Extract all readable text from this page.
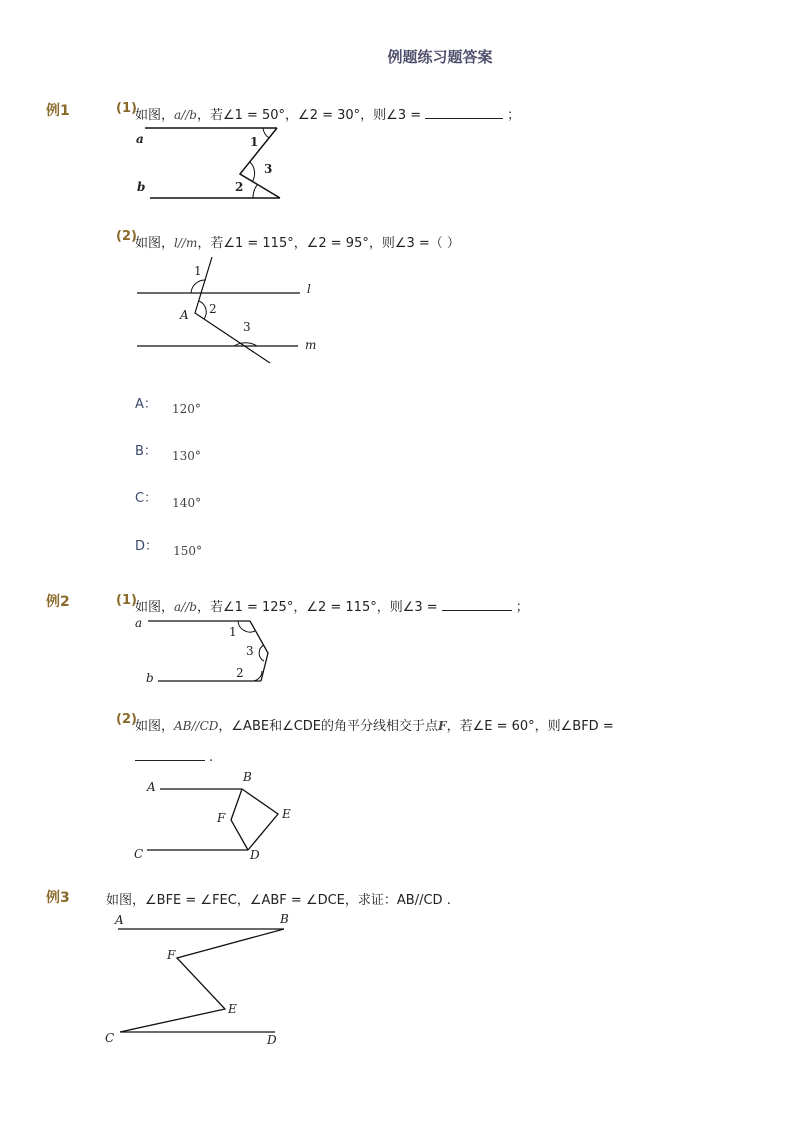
例题练习题答案
例1	(1)
如图，a//b，若∠1 = 50°，∠2 = 30°，则∠3 =	；
a
b
1
3
2
(2)
如图，l//m，若∠1 = 115°，∠2 = 95°，则∠3 =（ ）
l
m
A
1
2
3
A： $_{120^\circ}$
B： $_{130^\circ}$
C： $_{140^\circ}$
D： $_{150^\circ}$
例2	(1)
如图，a//b，若∠1 = 125°，∠2 = 115°，则∠3 =	；
a
b
1
3
2
(2)
如图，AB//CD，∠ABE和∠CDE的角平分线相交于点F，若∠E = 60°，则∠BFD =
.
A
B
C	D
E
F
例3	如图，∠BFE = ∠FEC，∠ABF = ∠DCE，求证：AB//CD .
A	B
F
E
C	D
